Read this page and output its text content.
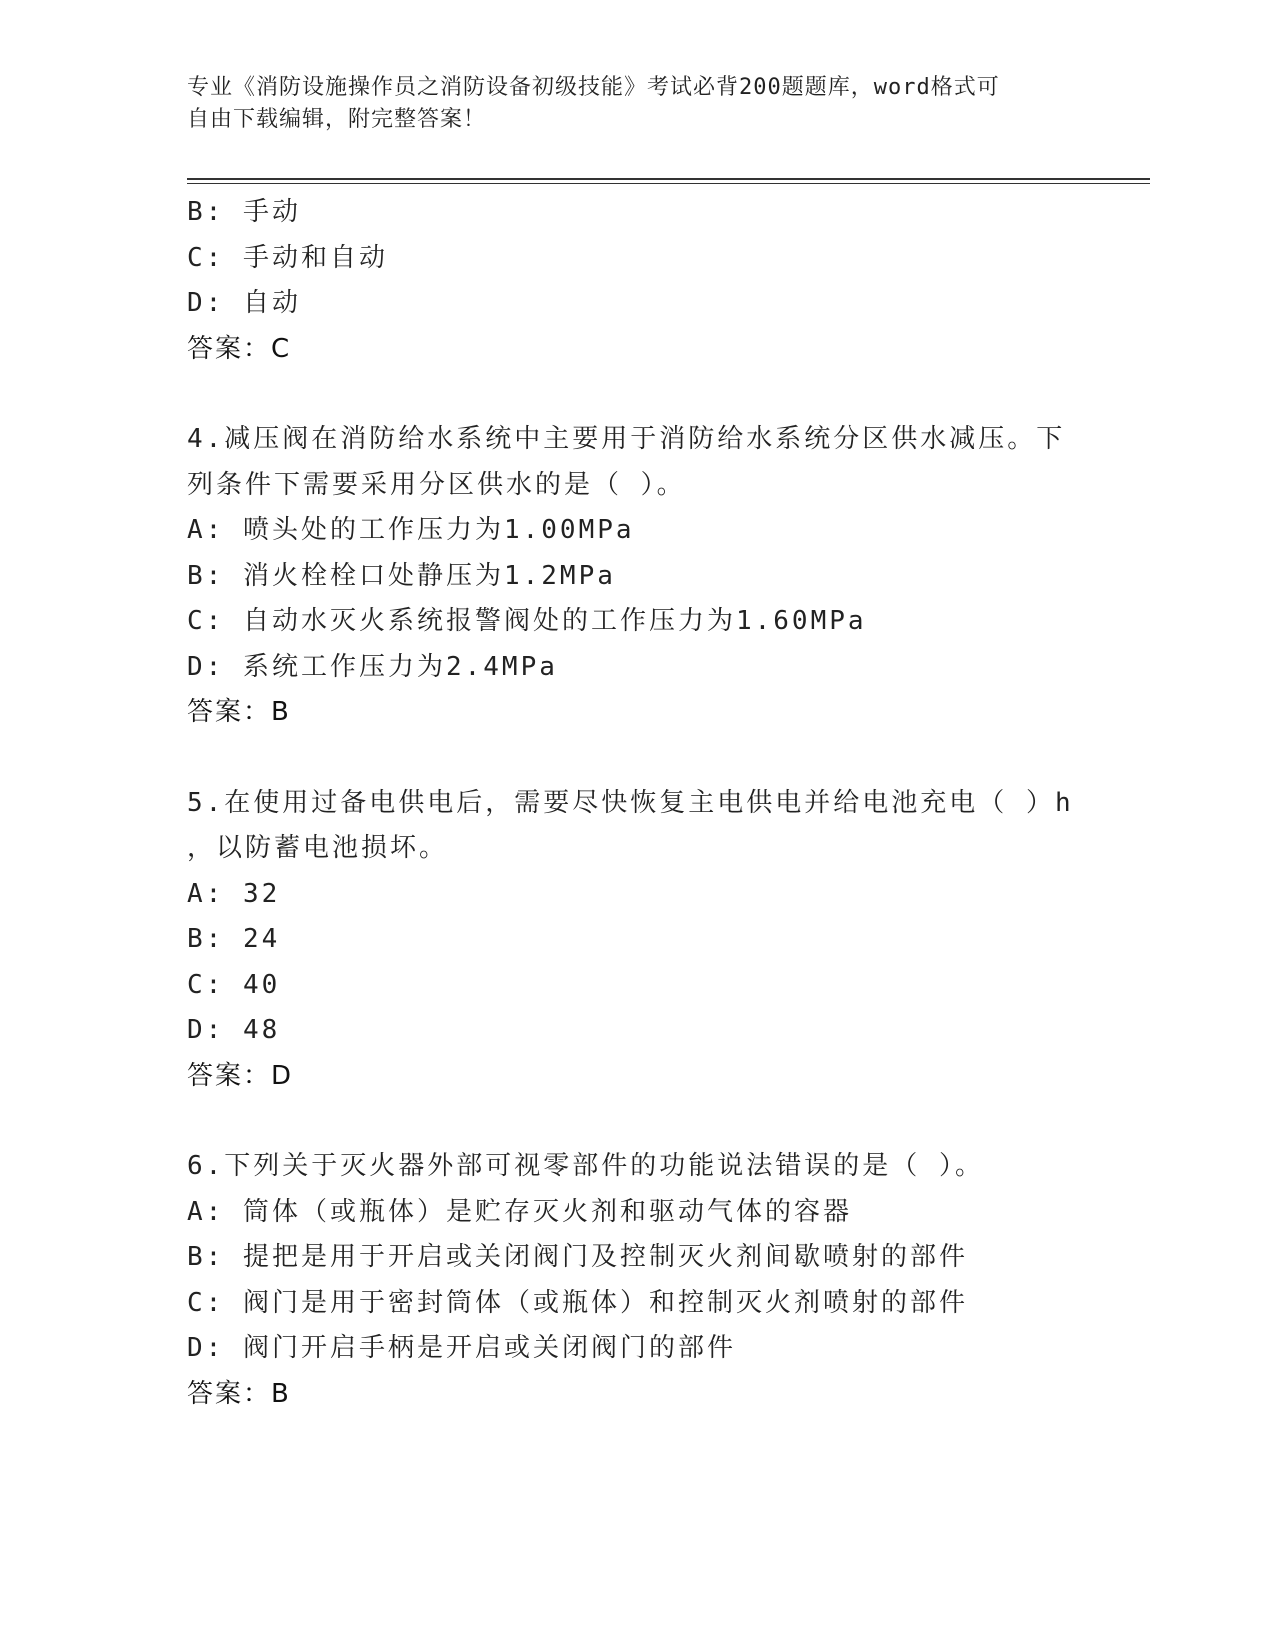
专业《消防设施操作员之消防设备初级技能》考试必背200题题库，word格式可
自由下载编辑，附完整答案！
B: 手动
C: 手动和自动
D: 自动
答案：C
4.减压阀在消防给水系统中主要用于消防给水系统分区供水减压。下
列条件下需要采用分区供水的是（ ）。
A: 喷头处的工作压力为1.00MPa
B: 消火栓栓口处静压为1.2MPa
C: 自动水灭火系统报警阀处的工作压力为1.60MPa
D: 系统工作压力为2.4MPa
答案：B
5.在使用过备电供电后，需要尽快恢复主电供电并给电池充电（ ）h
，以防蓄电池损坏。
A: 32
B: 24
C: 40
D: 48
答案：D
6.下列关于灭火器外部可视零部件的功能说法错误的是（ ）。
A: 筒体（或瓶体）是贮存灭火剂和驱动气体的容器
B: 提把是用于开启或关闭阀门及控制灭火剂间歇喷射的部件
C: 阀门是用于密封筒体（或瓶体）和控制灭火剂喷射的部件
D: 阀门开启手柄是开启或关闭阀门的部件
答案：B
